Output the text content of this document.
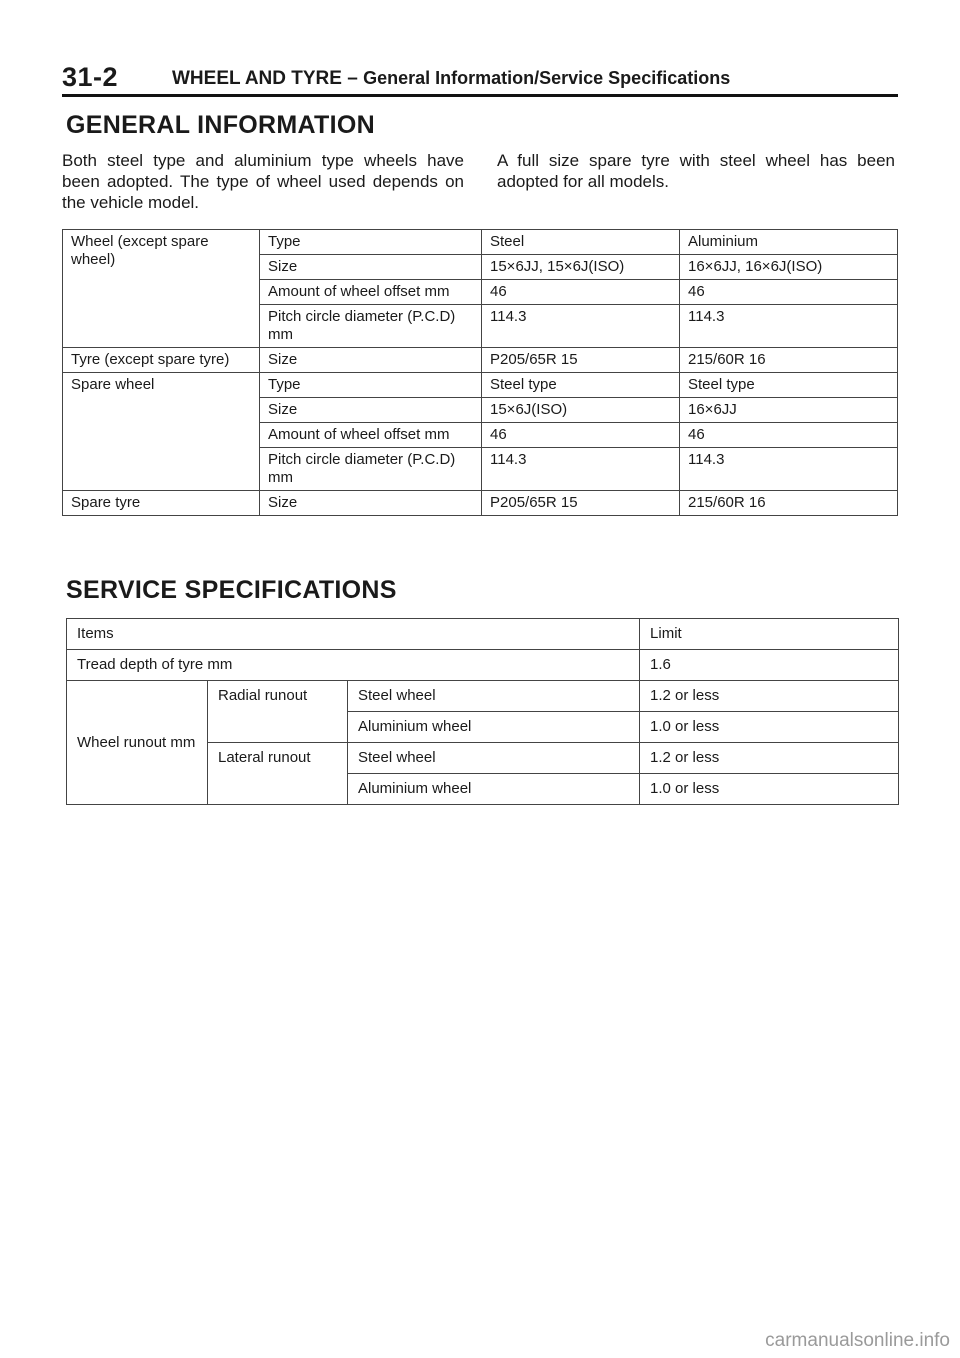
31-2	WHEEL AND TYRE – General Information/Service Specifications
GENERAL INFORMATION
Both steel type and aluminium type wheels have been adopted. The type of wheel used depends on the vehicle model.
A full size spare tyre with steel wheel has been adopted for all models.
Wheel (except spare wheel)	Type	Steel	Aluminium
	Size	15×6JJ, 15×6J(ISO)	16×6JJ, 16×6J(ISO)
	Amount of wheel offset mm	46	46
	Pitch circle diameter (P.C.D) mm	114.3	114.3
Tyre (except spare tyre)	Size	P205/65R 15	215/60R 16
Spare wheel	Type	Steel type	Steel type
	Size	15×6J(ISO)	16×6JJ
	Amount of wheel offset mm	46	46
	Pitch circle diameter (P.C.D) mm	114.3	114.3
Spare tyre	Size	P205/65R 15	215/60R 16
SERVICE SPECIFICATIONS
Items			Limit
Tread depth of tyre mm			1.6
Wheel runout mm	Radial runout	Steel wheel	1.2 or less
		Aluminium wheel	1.0 or less
	Lateral runout	Steel wheel	1.2 or less
		Aluminium wheel	1.0 or less
carmanualsonline.info
